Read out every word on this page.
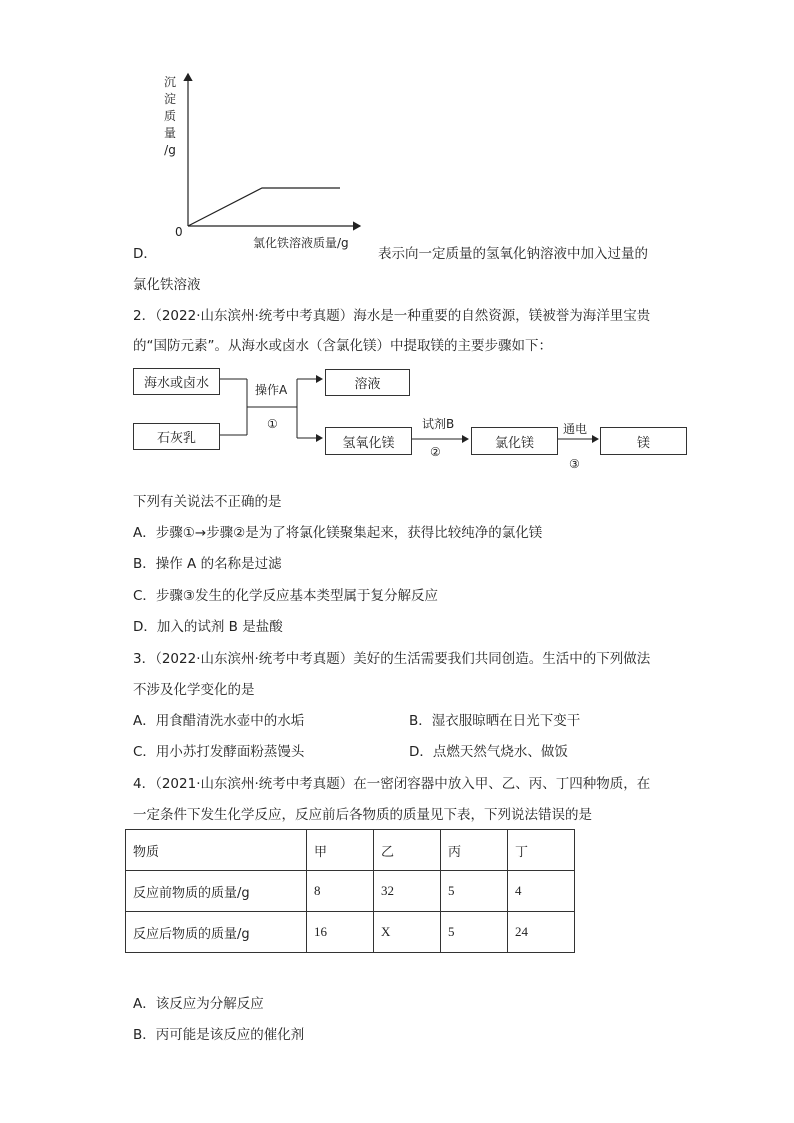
沉
淀
质
量
/g
0
氯化铁溶液质量/g
D．	表示向一定质量的氢氧化钠溶液中加入过量的
氯化铁溶液
2．（2022·山东滨州·统考中考真题）海水是一种重要的自然资源，镁被誉为海洋里宝贵
的“国防元素”。从海水或卤水（含氯化镁）中提取镁的主要步骤如下：
海水或卤水
石灰乳
操作A
①
溶液
氢氧化镁
试剂B
②
氯化镁
通电
③
镁
下列有关说法不正确的是
A．步骤①→步骤②是为了将氯化镁聚集起来，获得比较纯净的氯化镁
B．操作 A 的名称是过滤
C．步骤③发生的化学反应基本类型属于复分解反应
D．加入的试剂 B 是盐酸
3．（2022·山东滨州·统考中考真题）美好的生活需要我们共同创造。生活中的下列做法
不涉及化学变化的是
A．用食醋清洗水壶中的水垢	B．湿衣服晾晒在日光下变干
C．用小苏打发酵面粉蒸馒头	D．点燃天然气烧水、做饭
4．（2021·山东滨州·统考中考真题）在一密闭容器中放入甲、乙、丙、丁四种物质，在
一定条件下发生化学反应，反应前后各物质的质量见下表，下列说法错误的是
物质	甲	乙	丙	丁
反应前物质的质量/g	8	32	5	4
反应后物质的质量/g	16	X	5	24
A．该反应为分解反应
B．丙可能是该反应的催化剂
